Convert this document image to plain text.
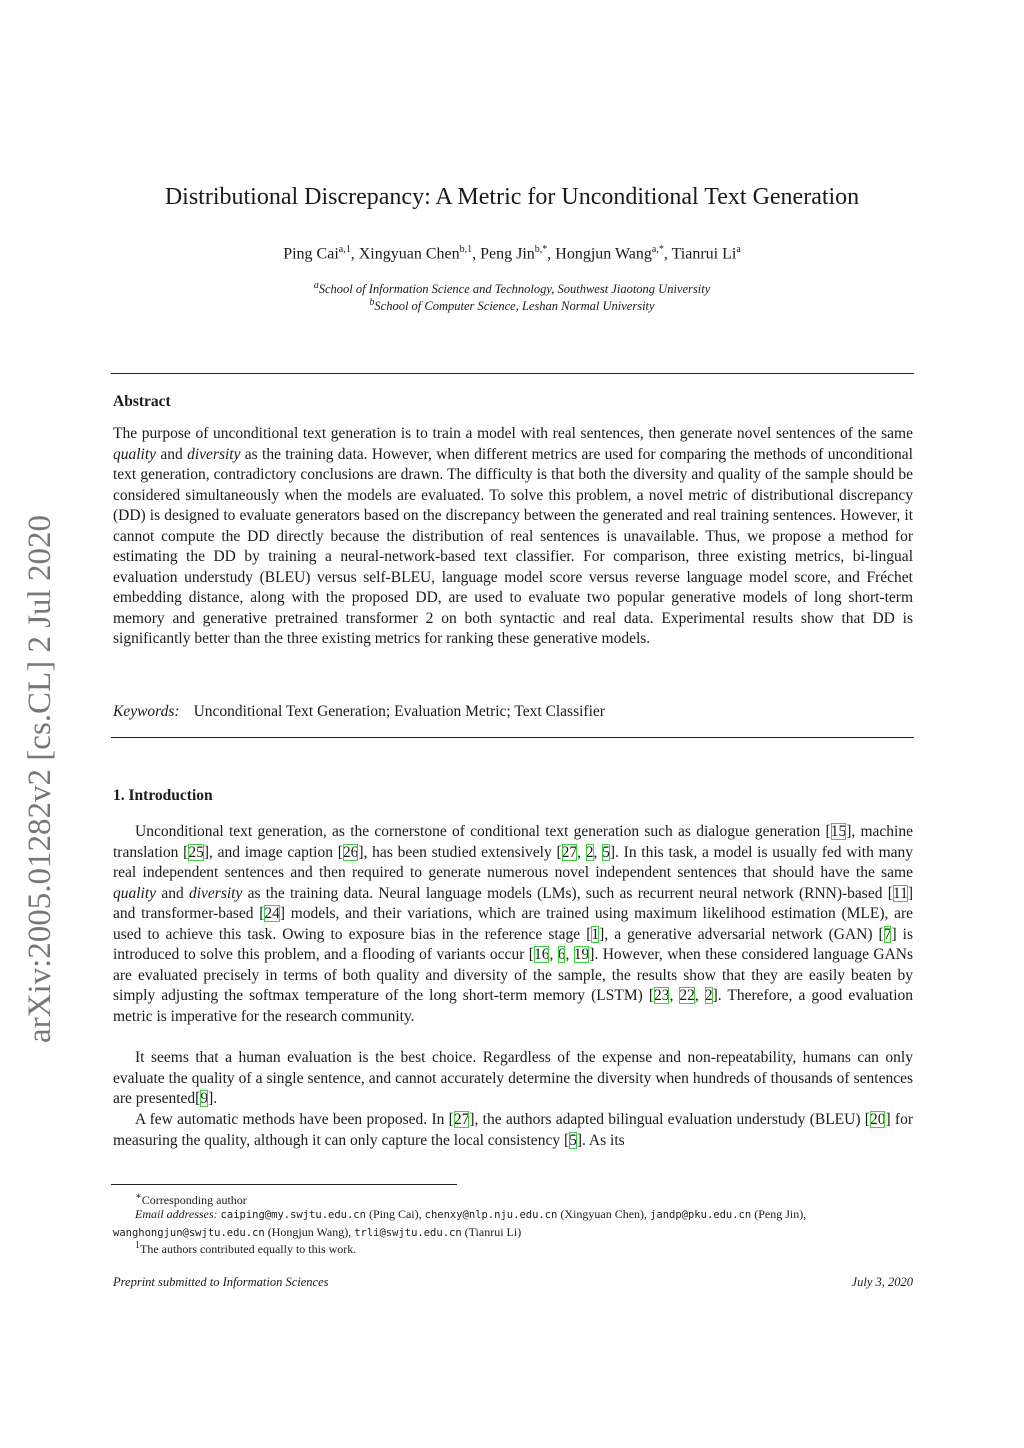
Distributional Discrepancy: A Metric for Unconditional Text Generation
Ping Cai$^{a,1}$, Xingyuan Chen$^{b,1}$, Peng Jin$^{b,*}$, Hongjun Wang$^{a,*}$, Tianrui Li$^a$
$^a$School of Information Science and Technology, Southwest Jiaotong University
$^b$School of Computer Science, Leshan Normal University
Abstract
The purpose of unconditional text generation is to train a model with real sentences, then generate novel sentences of the same quality and diversity as the training data. However, when different metrics are used for comparing the methods of unconditional text generation, contradictory conclusions are drawn. The difficulty is that both the diversity and quality of the sample should be considered simultaneously when the models are evaluated. To solve this problem, a novel metric of distributional discrepancy (DD) is designed to evaluate generators based on the discrepancy between the generated and real training sentences. However, it cannot compute the DD directly because the distribution of real sentences is unavailable. Thus, we propose a method for estimating the DD by training a neural-network-based text classifier. For comparison, three existing metrics, bi-lingual evaluation understudy (BLEU) versus self-BLEU, language model score versus reverse language model score, and Fréchet embedding distance, along with the proposed DD, are used to evaluate two popular generative models of long short-term memory and generative pretrained transformer 2 on both syntactic and real data. Experimental results show that DD is significantly better than the three existing metrics for ranking these generative models.
Keywords: Unconditional Text Generation; Evaluation Metric; Text Classifier
1. Introduction
Unconditional text generation, as the cornerstone of conditional text generation such as dialogue generation [15], machine translation [25], and image caption [26], has been studied extensively [27, 2, 5]. In this task, a model is usually fed with many real independent sentences and then required to generate numerous novel independent sentences that should have the same quality and diversity as the training data. Neural language models (LMs), such as recurrent neural network (RNN)-based [11] and transformer-based [24] models, and their variations, which are trained using maximum likelihood estimation (MLE), are used to achieve this task. Owing to exposure bias in the reference stage [1], a generative adversarial network (GAN) [7] is introduced to solve this problem, and a flooding of variants occur [16, 6, 19]. However, when these considered language GANs are evaluated precisely in terms of both quality and diversity of the sample, the results show that they are easily beaten by simply adjusting the softmax temperature of the long short-term memory (LSTM) [23, 22, 2]. Therefore, a good evaluation metric is imperative for the research community.
It seems that a human evaluation is the best choice. Regardless of the expense and non-repeatability, humans can only evaluate the quality of a single sentence, and cannot accurately determine the diversity when hundreds of thousands of sentences are presented[9].
A few automatic methods have been proposed. In [27], the authors adapted bilingual evaluation understudy (BLEU) [20] for measuring the quality, although it can only capture the local consistency [5]. As its
arXiv:2005.01282v2 [cs.CL] 2 Jul 2020
∗Corresponding author
Email addresses: caiping@my.swjtu.edu.cn (Ping Cai), chenxy@nlp.nju.edu.cn (Xingyuan Chen), jandp@pku.edu.cn (Peng Jin), wanghongjun@swjtu.edu.cn (Hongjun Wang), trli@swjtu.edu.cn (Tianrui Li)
$^1$The authors contributed equally to this work.
Preprint submitted to Information Sciences	July 3, 2020
